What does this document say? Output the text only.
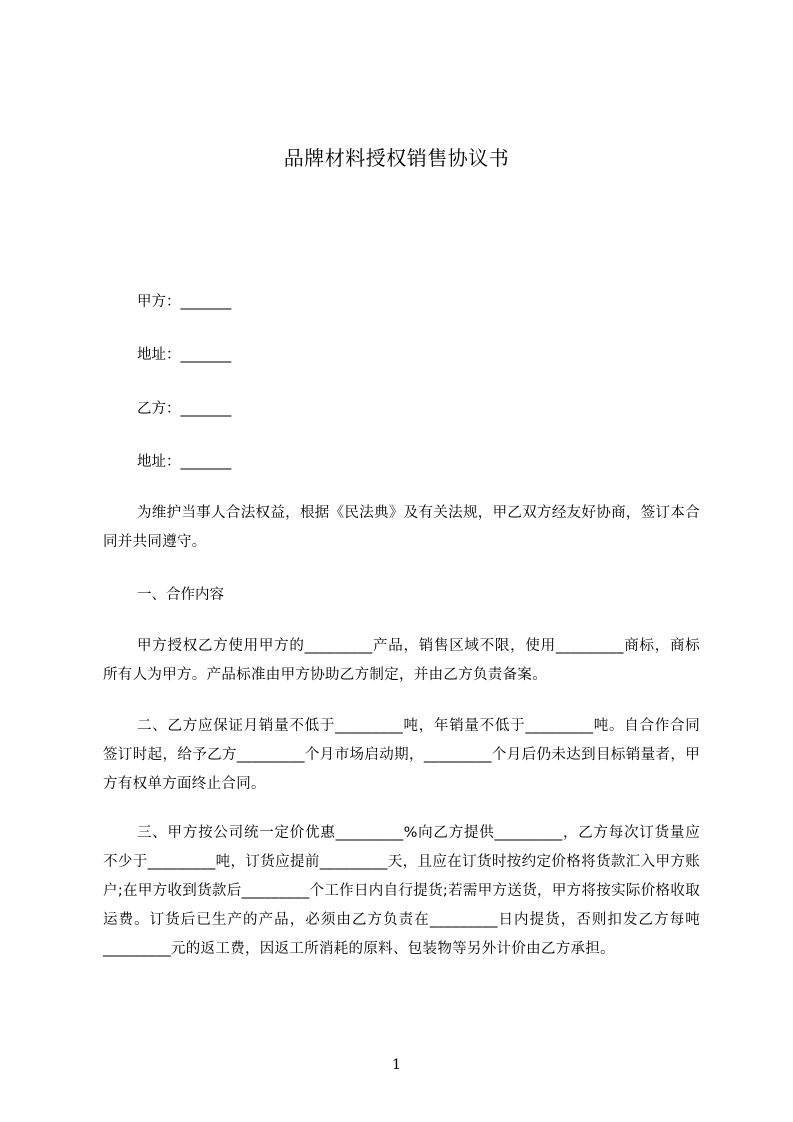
品牌材料授权销售协议书
甲方：_______
地址：_______
乙方：_______
地址：_______
为维护当事人合法权益，根据《民法典》及有关法规，甲乙双方经友好协商，签订本合同并共同遵守。
一、合作内容
甲方授权乙方使用甲方的_________产品，销售区域不限，使用_________商标，商标所有人为甲方。产品标准由甲方协助乙方制定，并由乙方负责备案。
二、乙方应保证月销量不低于_________吨，年销量不低于_________吨。自合作合同签订时起，给予乙方_________个月市场启动期，_________个月后仍未达到目标销量者，甲方有权单方面终止合同。
三、甲方按公司统一定价优惠_________%向乙方提供_________，乙方每次订货量应不少于_________吨，订货应提前_________天，且应在订货时按约定价格将货款汇入甲方账户;在甲方收到货款后_________个工作日内自行提货;若需甲方送货，甲方将按实际价格收取运费。订货后已生产的产品，必须由乙方负责在_________日内提货，否则扣发乙方每吨_________元的返工费，因返工所消耗的原料、包装物等另外计价由乙方承担。
1
